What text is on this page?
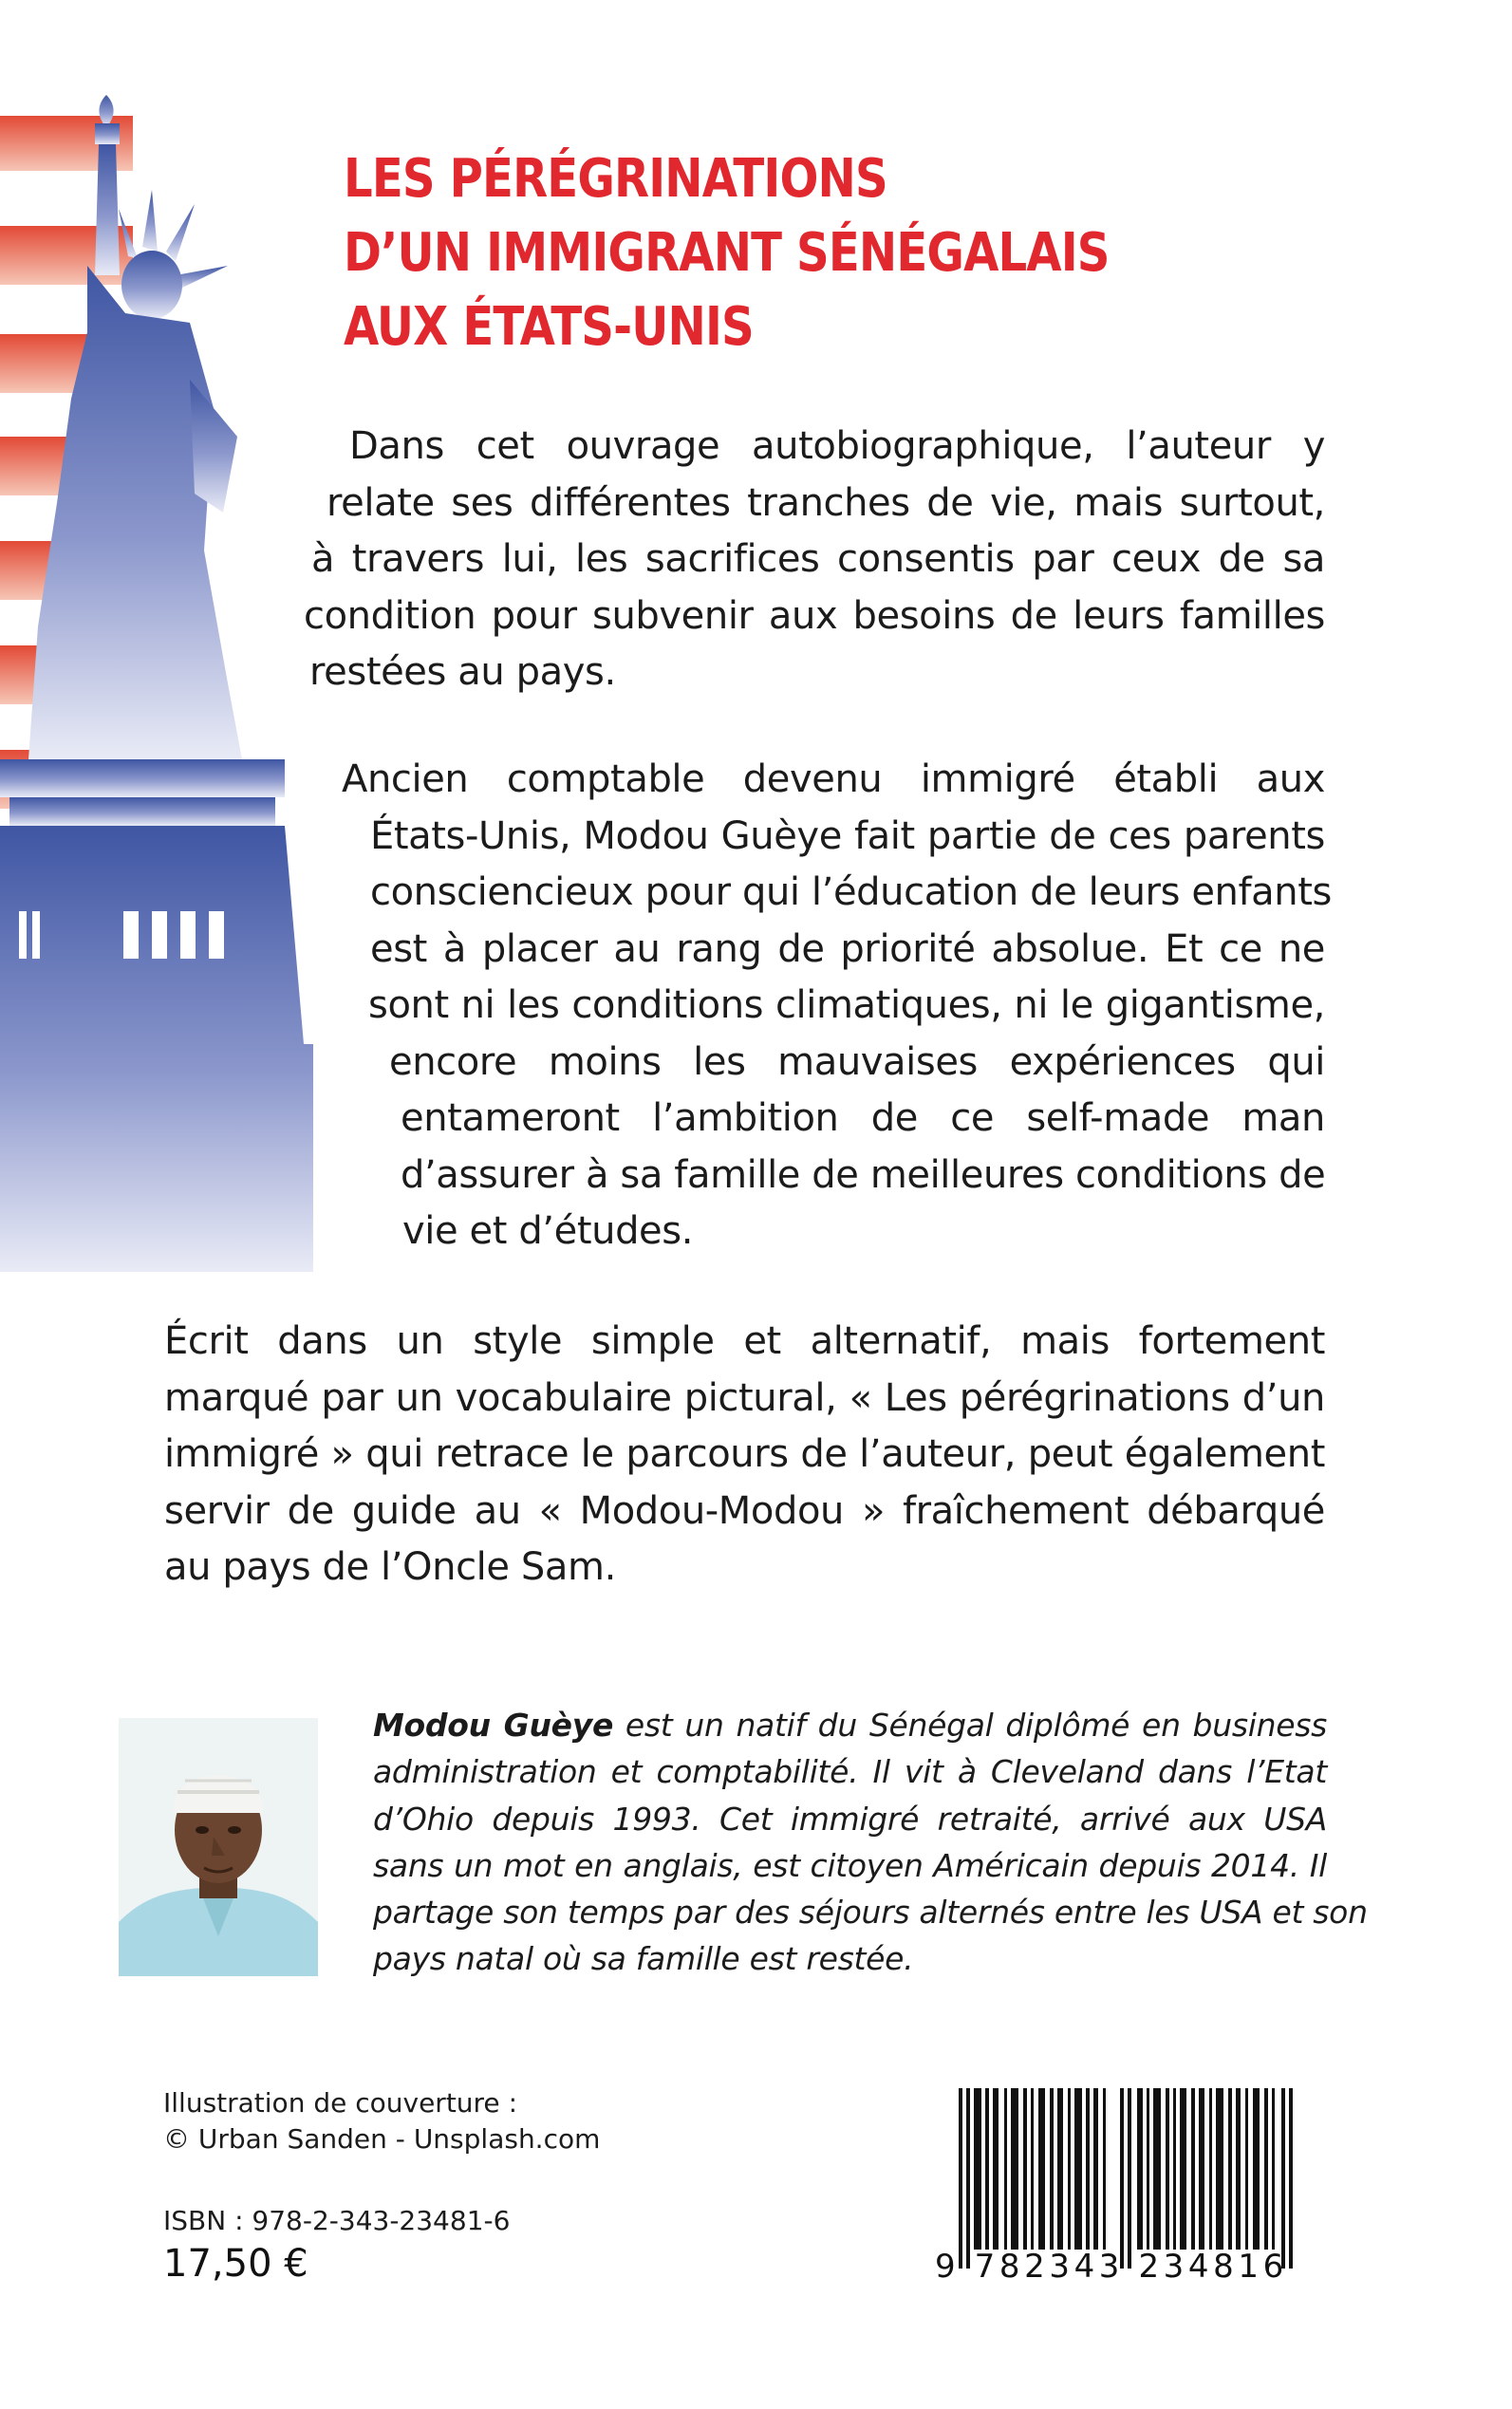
LES PÉRÉGRINATIONS
D’UN IMMIGRANT SÉNÉGALAIS
AUX ÉTATS-UNIS
Dans cet ouvrage autobiographique, l’auteur y
relate ses différentes tranches de vie, mais surtout,
à travers lui, les sacrifices consentis par ceux de sa
condition pour subvenir aux besoins de leurs familles
restées au pays.
Ancien comptable devenu immigré établi aux
États-Unis, Modou Guèye fait partie de ces parents
consciencieux pour qui l’éducation de leurs enfants
est à placer au rang de priorité absolue. Et ce ne
sont ni les conditions climatiques, ni le gigantisme,
encore moins les mauvaises expériences qui
entameront l’ambition de ce self-made man
d’assurer à sa famille de meilleures conditions de
vie et d’études.
Écrit dans un style simple et alternatif, mais fortement
marqué par un vocabulaire pictural, « Les pérégrinations d’un
immigré » qui retrace le parcours de l’auteur, peut également
servir de guide au « Modou-Modou » fraîchement débarqué
au pays de l’Oncle Sam.
Modou Guèye est un natif du Sénégal diplômé en business
administration et comptabilité. Il vit à Cleveland dans l’Etat
d’Ohio depuis 1993. Cet immigré retraité, arrivé aux USA
sans un mot en anglais, est citoyen Américain depuis 2014. Il
partage son temps par des séjours alternés entre les USA et son
pays natal où sa famille est restée.
Illustration de couverture :
© Urban Sanden - Unsplash.com
ISBN : 978-2-343-23481-6
17,50 €	9 782343 234816
